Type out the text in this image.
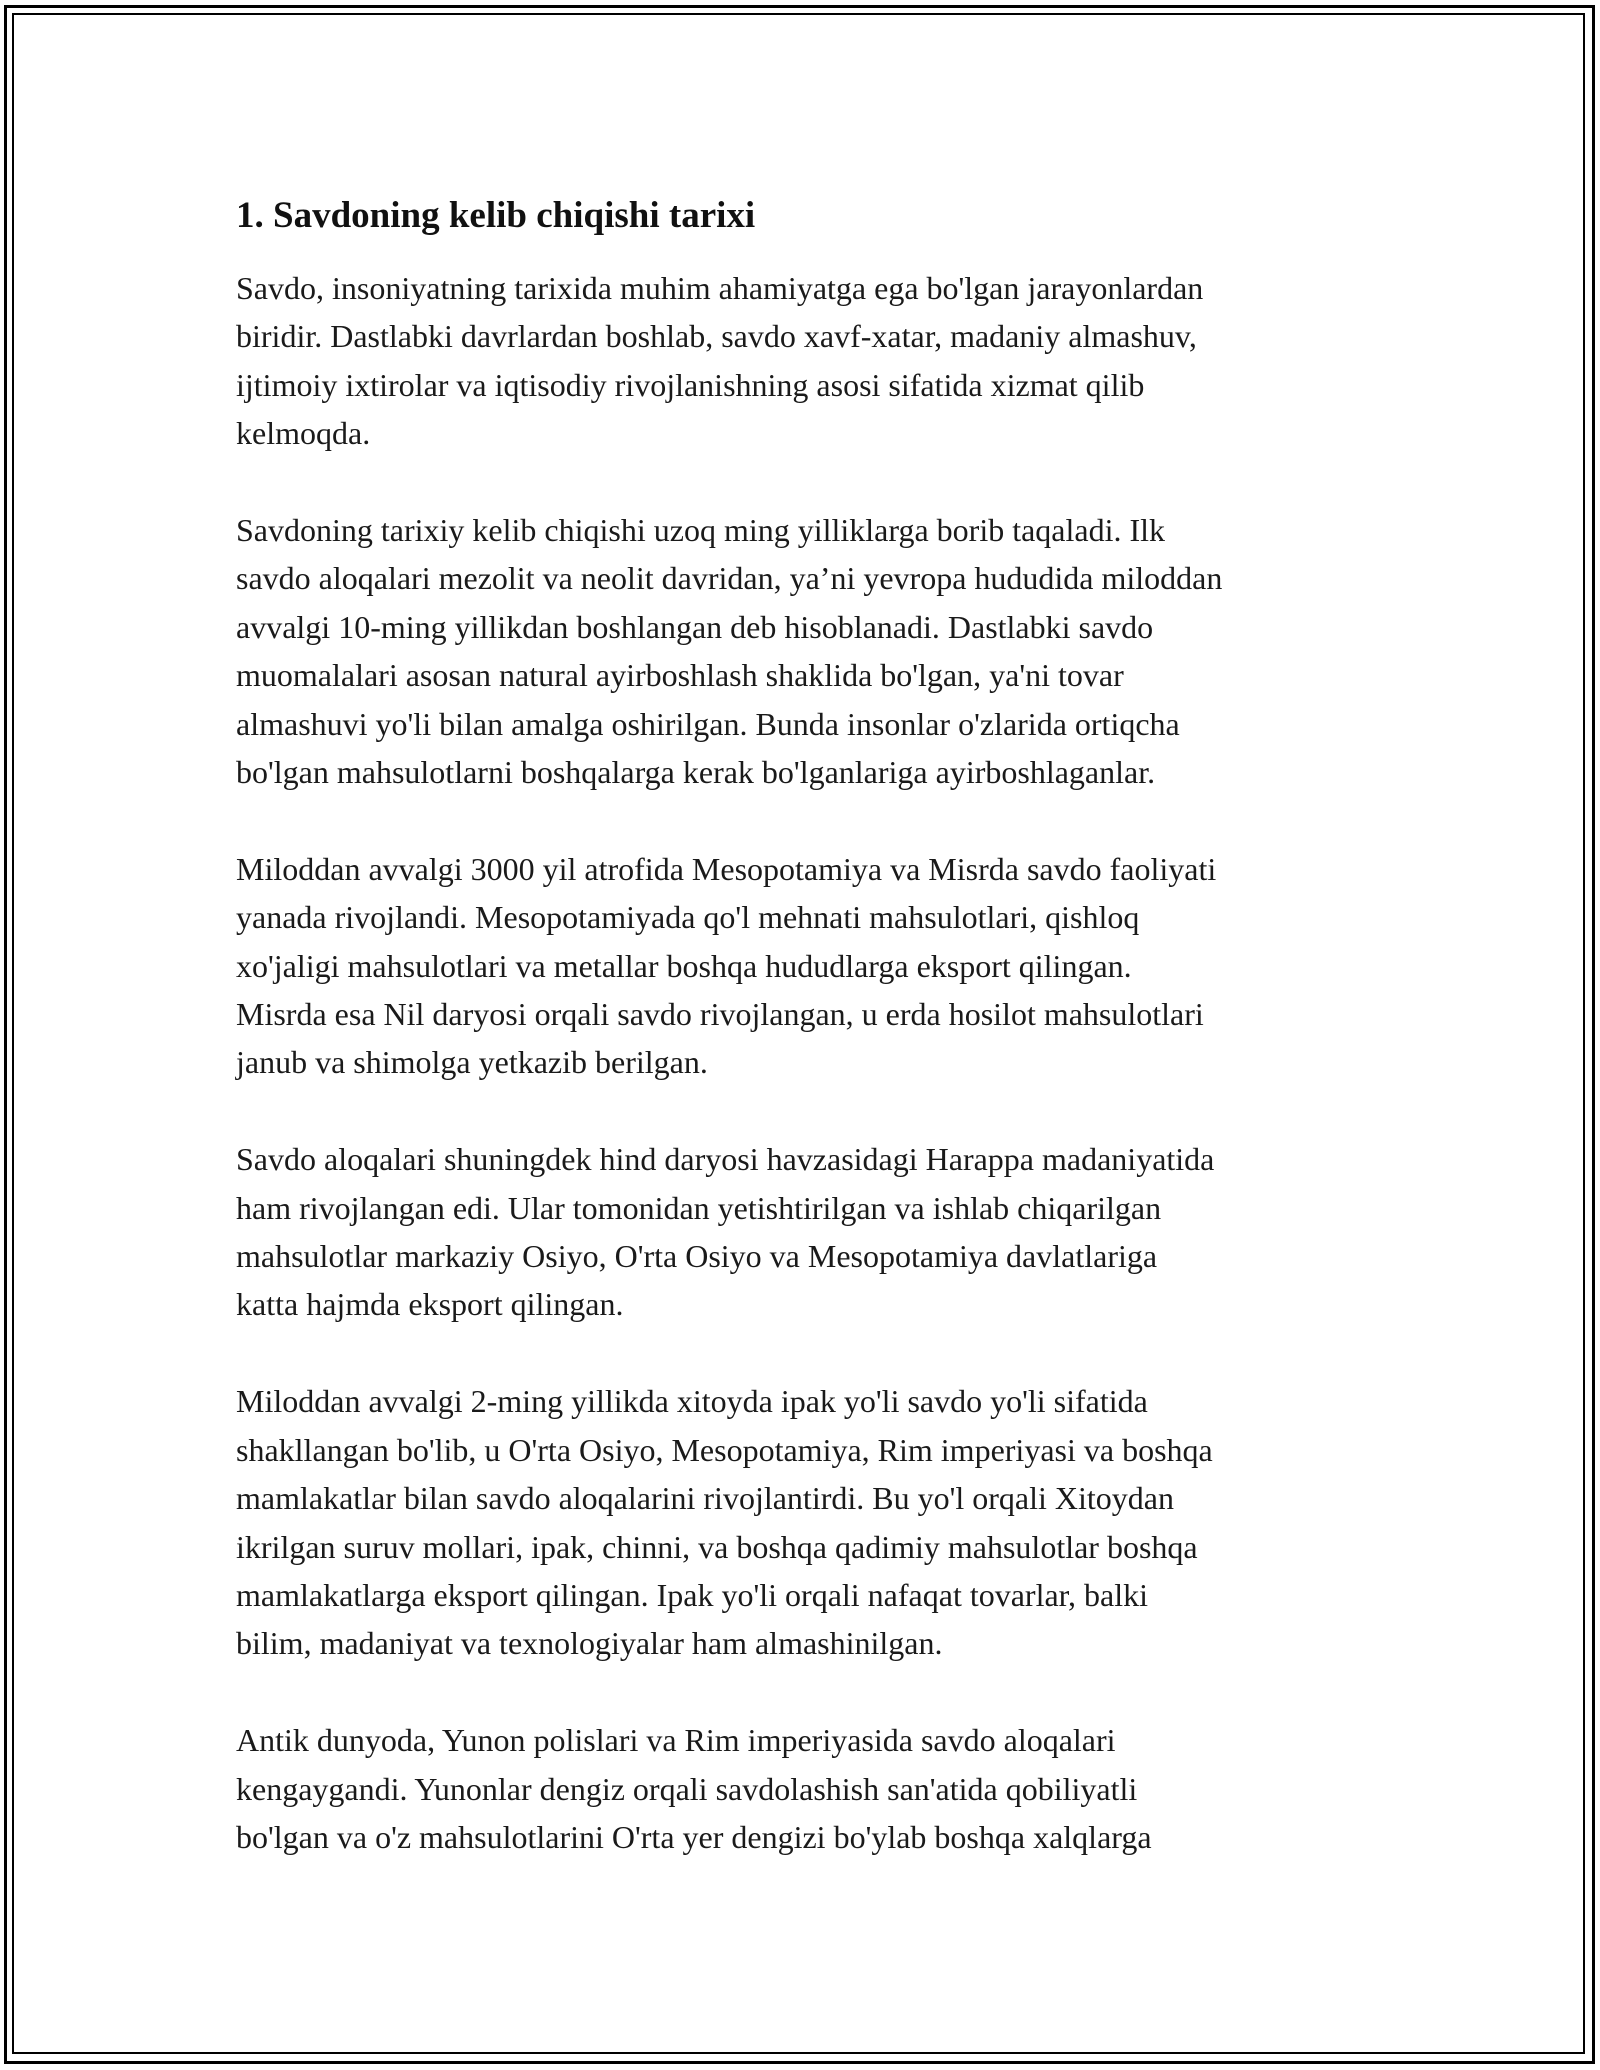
1. Savdoning kelib chiqishi tarixi

Savdo, insoniyatning tarixida muhim ahamiyatga ega bo'lgan jarayonlardan
biridir. Dastlabki davrlardan boshlab, savdo xavf-xatar, madaniy almashuv,
ijtimoiy ixtirolar va iqtisodiy rivojlanishning asosi sifatida xizmat qilib
kelmoqda.

Savdoning tarixiy kelib chiqishi uzoq ming yilliklarga borib taqaladi. Ilk
savdo aloqalari mezolit va neolit davridan, ya’ni yevropa hududida miloddan
avvalgi 10-ming yillikdan boshlangan deb hisoblanadi. Dastlabki savdo
muomalalari asosan natural ayirboshlash shaklida bo'lgan, ya'ni tovar
almashuvi yo'li bilan amalga oshirilgan. Bunda insonlar o'zlarida ortiqcha
bo'lgan mahsulotlarni boshqalarga kerak bo'lganlariga ayirboshlaganlar.

Miloddan avvalgi 3000 yil atrofida Mesopotamiya va Misrda savdo faoliyati
yanada rivojlandi. Mesopotamiyada qo'l mehnati mahsulotlari, qishloq
xo'jaligi mahsulotlari va metallar boshqa hududlarga eksport qilingan.
Misrda esa Nil daryosi orqali savdo rivojlangan, u erda hosilot mahsulotlari
janub va shimolga yetkazib berilgan.

Savdo aloqalari shuningdek hind daryosi havzasidagi Harappa madaniyatida
ham rivojlangan edi. Ular tomonidan yetishtirilgan va ishlab chiqarilgan
mahsulotlar markaziy Osiyo, O'rta Osiyo va Mesopotamiya davlatlariga
katta hajmda eksport qilingan.

Miloddan avvalgi 2-ming yillikda xitoyda ipak yo'li savdo yo'li sifatida
shakllangan bo'lib, u O'rta Osiyo, Mesopotamiya, Rim imperiyasi va boshqa
mamlakatlar bilan savdo aloqalarini rivojlantirdi. Bu yo'l orqali Xitoydan
ikrilgan suruv mollari, ipak, chinni, va boshqa qadimiy mahsulotlar boshqa
mamlakatlarga eksport qilingan. Ipak yo'li orqali nafaqat tovarlar, balki
bilim, madaniyat va texnologiyalar ham almashinilgan.

Antik dunyoda, Yunon polislari va Rim imperiyasida savdo aloqalari
kengaygandi. Yunonlar dengiz orqali savdolashish san'atida qobiliyatli
bo'lgan va o'z mahsulotlarini O'rta yer dengizi bo'ylab boshqa xalqlarga
